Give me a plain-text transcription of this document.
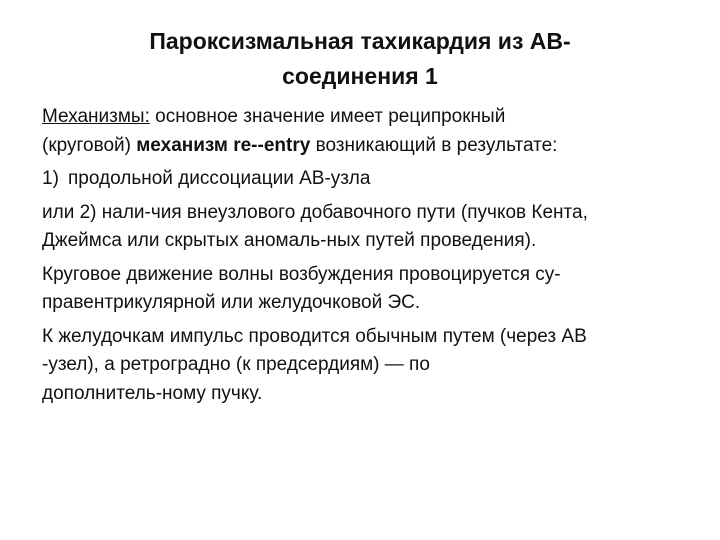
Пароксизмальная тахикардия из АВ-
соединения 1
Механизмы: основное значение имеет реципрокный
(круговой) механизм re--entry возникающий в результате:
1) продольной диссоциации АВ-узла
или 2) нали-чия внеузлового добавочного пути (пучков Кента,
Джеймса или скрытых аномаль-ных путей проведения).
Круговое движение волны возбуждения провоцируется су-
правентрикулярной или желудочковой ЭС.
К желудочкам импульс проводится обычным путем (через АВ
-узел), а ретроградно (к предсердиям) — по
дополнитель-ному пучку.
